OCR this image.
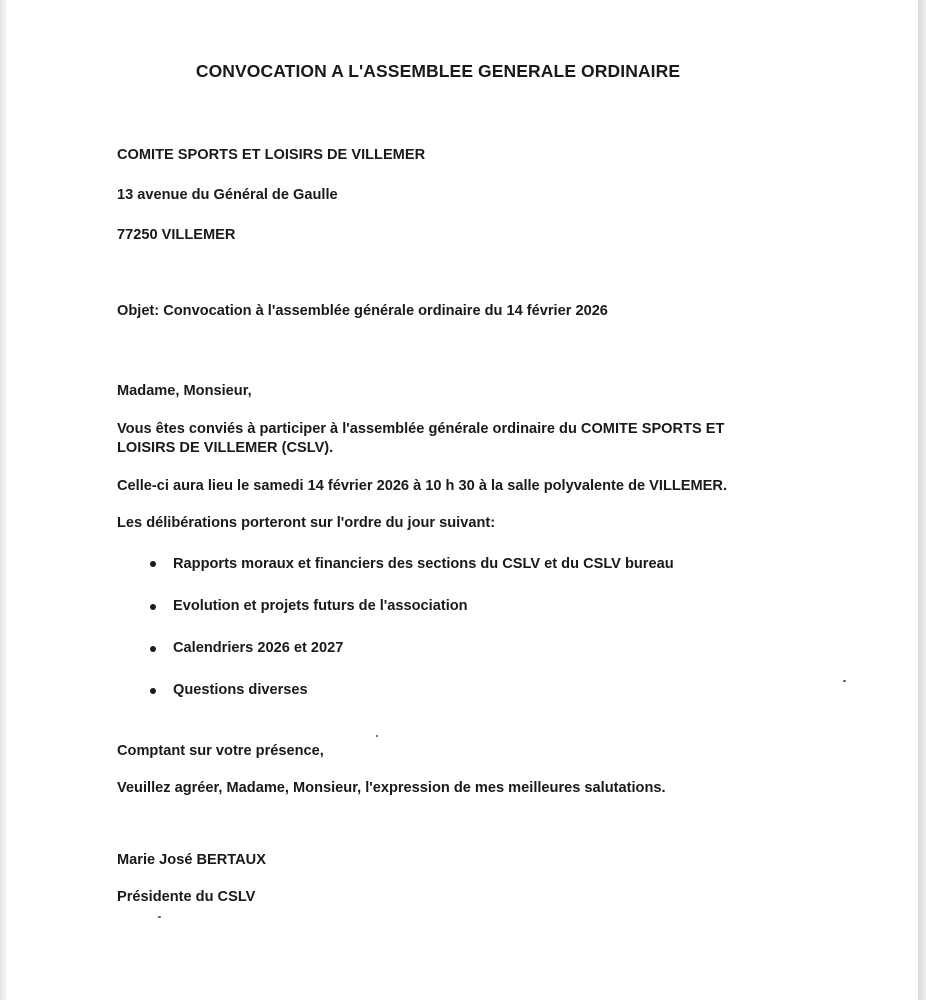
CONVOCATION A L'ASSEMBLEE GENERALE ORDINAIRE
COMITE SPORTS ET LOISIRS DE VILLEMER
13 avenue du Général de Gaulle
77250 VILLEMER
Objet: Convocation à l'assemblée générale ordinaire du 14 février 2026
Madame, Monsieur,
Vous êtes conviés à participer à l'assemblée générale ordinaire du COMITE SPORTS ET LOISIRS DE VILLEMER (CSLV).
Celle-ci aura lieu le samedi 14 février 2026 à 10 h 30 à la salle polyvalente de VILLEMER.
Les délibérations porteront sur l'ordre du jour suivant:
Rapports moraux et financiers des sections du CSLV et du CSLV bureau
Evolution et projets futurs de l'association
Calendriers 2026 et 2027
Questions diverses
Comptant sur votre présence,
Veuillez agréer, Madame, Monsieur, l'expression de mes meilleures salutations.
Marie José BERTAUX
Présidente du CSLV
